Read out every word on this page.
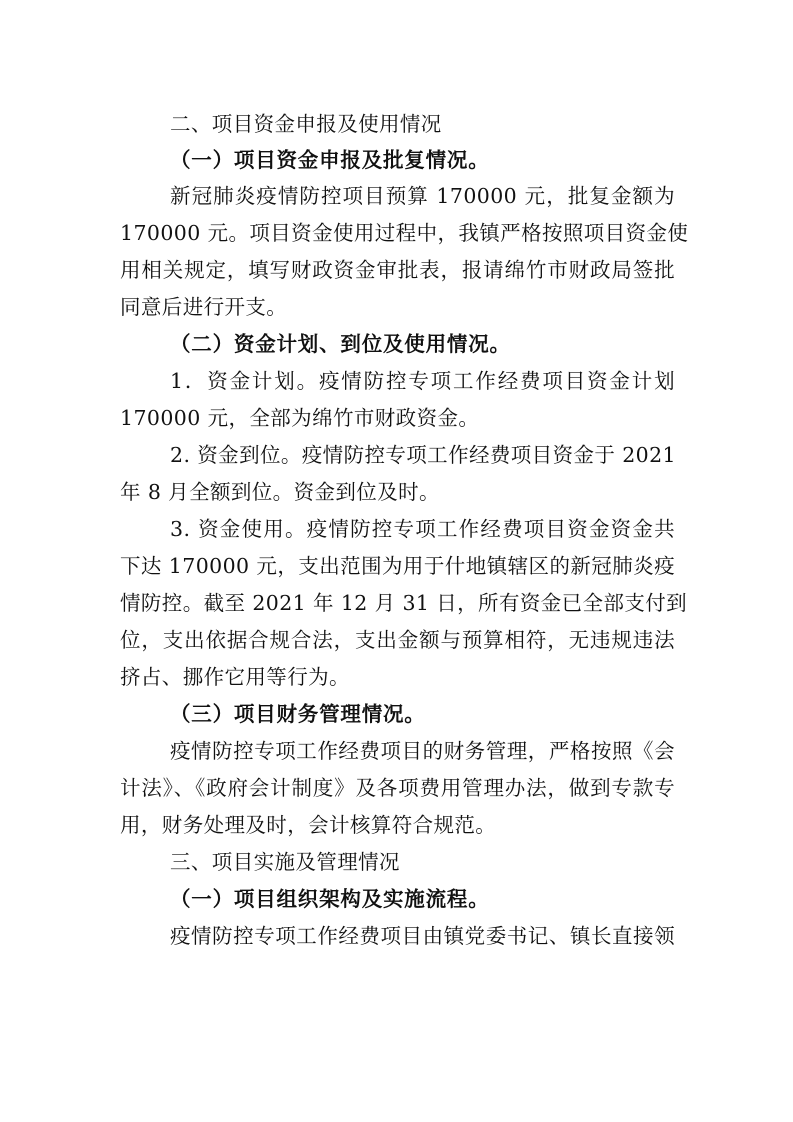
二、项目资金申报及使用情况
（一）项目资金申报及批复情况。
新冠肺炎疫情防控项目预算 170000 元，批复金额为
170000 元。项目资金使用过程中，我镇严格按照项目资金使
用相关规定，填写财政资金审批表，报请绵竹市财政局签批
同意后进行开支。
（二）资金计划、到位及使用情况。
1．资金计划。疫情防控专项工作经费项目资金计划
170000 元，全部为绵竹市财政资金。
2. 资金到位。疫情防控专项工作经费项目资金于 2021
年 8 月全额到位。资金到位及时。
3. 资金使用。疫情防控专项工作经费项目资金资金共
下达 170000 元，支出范围为用于什地镇辖区的新冠肺炎疫
情防控。截至 2021 年 12 月 31 日，所有资金已全部支付到
位，支出依据合规合法，支出金额与预算相符，无违规违法
挤占、挪作它用等行为。
（三）项目财务管理情况。
疫情防控专项工作经费项目的财务管理，严格按照《会
计法》、《政府会计制度》及各项费用管理办法，做到专款专
用，财务处理及时，会计核算符合规范。
三、项目实施及管理情况
（一）项目组织架构及实施流程。
疫情防控专项工作经费项目由镇党委书记、镇长直接领
